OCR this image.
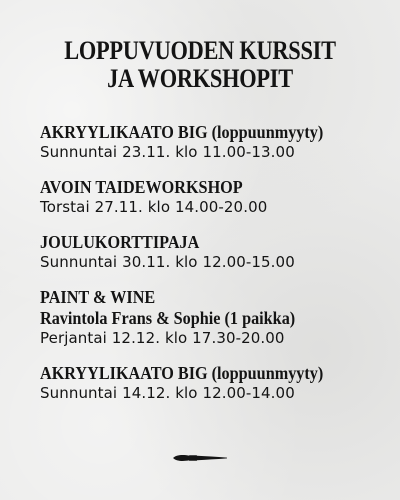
LOPPUVUODEN KURSSIT
JA WORKSHOPIT
AKRYYLIKAATO BIG (loppuunmyyty)
Sunnuntai 23.11. klo 11.00-13.00
AVOIN TAIDEWORKSHOP
Torstai 27.11. klo 14.00-20.00
JOULUKORTTIPAJA
Sunnuntai 30.11. klo 12.00-15.00
PAINT & WINE
Ravintola Frans & Sophie (1 paikka)
Perjantai 12.12. klo 17.30-20.00
AKRYYLIKAATO BIG (loppuunmyyty)
Sunnuntai 14.12. klo 12.00-14.00
